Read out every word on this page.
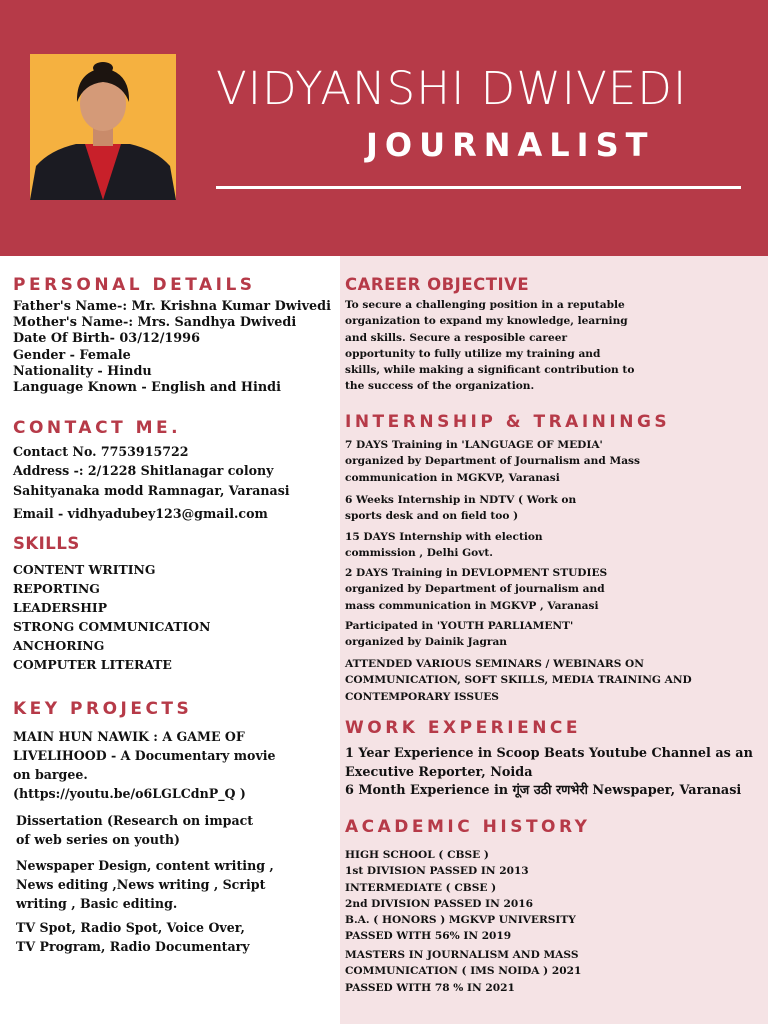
VIDYANSHI DWIVEDI
JOURNALIST
PERSONAL DETAILS
Father's Name-: Mr. Krishna Kumar Dwivedi
Mother's Name-: Mrs. Sandhya Dwivedi
Date Of Birth- 03/12/1996
Gender - Female
Nationality - Hindu
Language Known - English and Hindi
CONTACT ME.
Contact No. 7753915722
Address -: 2/1228 Shitlanagar colony
Sahityanaka modd Ramnagar, Varanasi
Email - vidhyadubey123@gmail.com
SKILLS
CONTENT WRITING
REPORTING
LEADERSHIP
STRONG COMMUNICATION
ANCHORING
COMPUTER LITERATE
KEY PROJECTS
MAIN HUN NAWIK : A GAME OF
LIVELIHOOD - A Documentary movie
on bargee.
(https://youtu.be/o6LGLCdnP_Q )
Dissertation (Research on impact
of web series on youth)
Newspaper Design, content writing ,
News editing ,News writing , Script
writing , Basic editing.
TV Spot, Radio Spot, Voice Over,
TV Program, Radio Documentary
CAREER OBJECTIVE
To secure a challenging position in a reputable
organization to expand my knowledge, learning
and skills. Secure a resposible career
opportunity to fully utilize my training and
skills, while making a significant contribution to
the success of the organization.
INTERNSHIP & TRAININGS
7 DAYS Training in 'LANGUAGE OF MEDIA'
organized by Department of Journalism and Mass
communication in MGKVP, Varanasi
6 Weeks Internship in NDTV ( Work on
sports desk and on field too )
15 DAYS Internship with election
commission , Delhi Govt.
2 DAYS Training in DEVLOPMENT STUDIES
organized by Department of journalism and
mass communication in MGKVP , Varanasi
Participated in 'YOUTH PARLIAMENT'
organized by Dainik Jagran
ATTENDED VARIOUS SEMINARS / WEBINARS ON
COMMUNICATION, SOFT SKILLS, MEDIA TRAINING AND
CONTEMPORARY ISSUES
WORK EXPERIENCE
1 Year Experience in Scoop Beats Youtube Channel as an
Executive Reporter, Noida
6 Month Experience in गूंज उठी रणभेरी Newspaper, Varanasi
ACADEMIC HISTORY
HIGH SCHOOL ( CBSE )
1st DIVISION PASSED IN 2013
INTERMEDIATE ( CBSE )
2nd DIVISION PASSED IN 2016
B.A. ( HONORS ) MGKVP UNIVERSITY
PASSED WITH 56% IN 2019
MASTERS IN JOURNALISM AND MASS
COMMUNICATION ( IMS NOIDA ) 2021
PASSED WITH 78 % IN 2021
